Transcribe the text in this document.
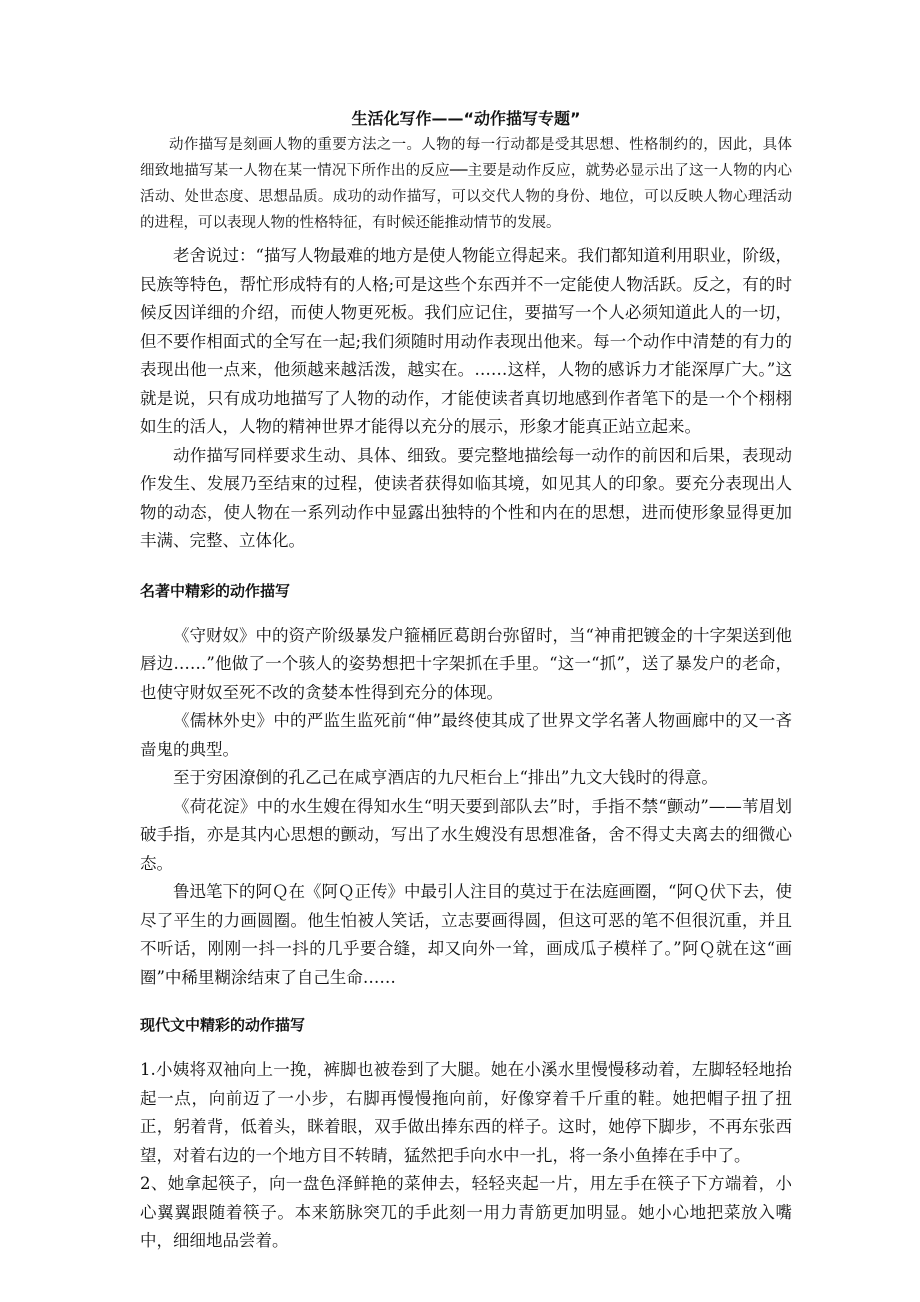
生活化写作——“动作描写专题”

动作描写是刻画人物的重要方法之一。人物的每一行动都是受其思想、性格制约的，因此，具体细致地描写某一人物在某一情况下所作出的反应──主要是动作反应，就势必显示出了这一人物的内心活动、处世态度、思想品质。成功的动作描写，可以交代人物的身份、地位，可以反映人物心理活动的进程，可以表现人物的性格特征，有时候还能推动情节的发展。

老舍说过：“描写人物最难的地方是使人物能立得起来。我们都知道利用职业，阶级，民族等特色，帮忙形成特有的人格;可是这些个东西并不一定能使人物活跃。反之，有的时候反因详细的介绍，而使人物更死板。我们应记住，要描写一个人必须知道此人的一切，但不要作相面式的全写在一起;我们须随时用动作表现出他来。每一个动作中清楚的有力的表现出他一点来，他须越来越活泼，越实在。……这样，人物的感诉力才能深厚广大。”这就是说，只有成功地描写了人物的动作，才能使读者真切地感到作者笔下的是一个个栩栩如生的活人，人物的精神世界才能得以充分的展示，形象才能真正站立起来。

动作描写同样要求生动、具体、细致。要完整地描绘每一动作的前因和后果，表现动作发生、发展乃至结束的过程，使读者获得如临其境，如见其人的印象。要充分表现出人物的动态，使人物在一系列动作中显露出独特的个性和内在的思想，进而使形象显得更加丰满、完整、立体化。

名著中精彩的动作描写

《守财奴》中的资产阶级暴发户箍桶匠葛朗台弥留时，当“神甫把镀金的十字架送到他唇边……”他做了一个骇人的姿势想把十字架抓在手里。“这一“抓”，送了暴发户的老命，也使守财奴至死不改的贪婪本性得到充分的体现。

《儒林外史》中的严监生监死前“伸”最终使其成了世界文学名著人物画廊中的又一吝啬鬼的典型。

至于穷困潦倒的孔乙己在咸亨酒店的九尺柜台上“排出”九文大钱时的得意。

《荷花淀》中的水生嫂在得知水生“明天要到部队去”时，手指不禁“颤动”——苇眉划破手指，亦是其内心思想的颤动，写出了水生嫂没有思想准备，舍不得丈夫离去的细微心态。

鲁迅笔下的阿Ｑ在《阿Ｑ正传》中最引人注目的莫过于在法庭画圈，“阿Ｑ伏下去，使尽了平生的力画圆圈。他生怕被人笑话，立志要画得圆，但这可恶的笔不但很沉重，并且不听话，刚刚一抖一抖的几乎要合缝，却又向外一耸，画成瓜子模样了。”阿Ｑ就在这“画圈”中稀里糊涂结束了自己生命……

现代文中精彩的动作描写

1.小姨将双袖向上一挽，裤脚也被卷到了大腿。她在小溪水里慢慢移动着，左脚轻轻地抬起一点，向前迈了一小步，右脚再慢慢拖向前，好像穿着千斤重的鞋。她把帽子扭了扭正，躬着背，低着头，眯着眼，双手做出捧东西的样子。这时，她停下脚步，不再东张西望，对着右边的一个地方目不转睛，猛然把手向水中一扎，将一条小鱼捧在手中了。

2、她拿起筷子，向一盘色泽鲜艳的菜伸去，轻轻夹起一片，用左手在筷子下方端着，小心翼翼跟随着筷子。本来筋脉突兀的手此刻一用力青筋更加明显。她小心地把菜放入嘴中，细细地品尝着。
